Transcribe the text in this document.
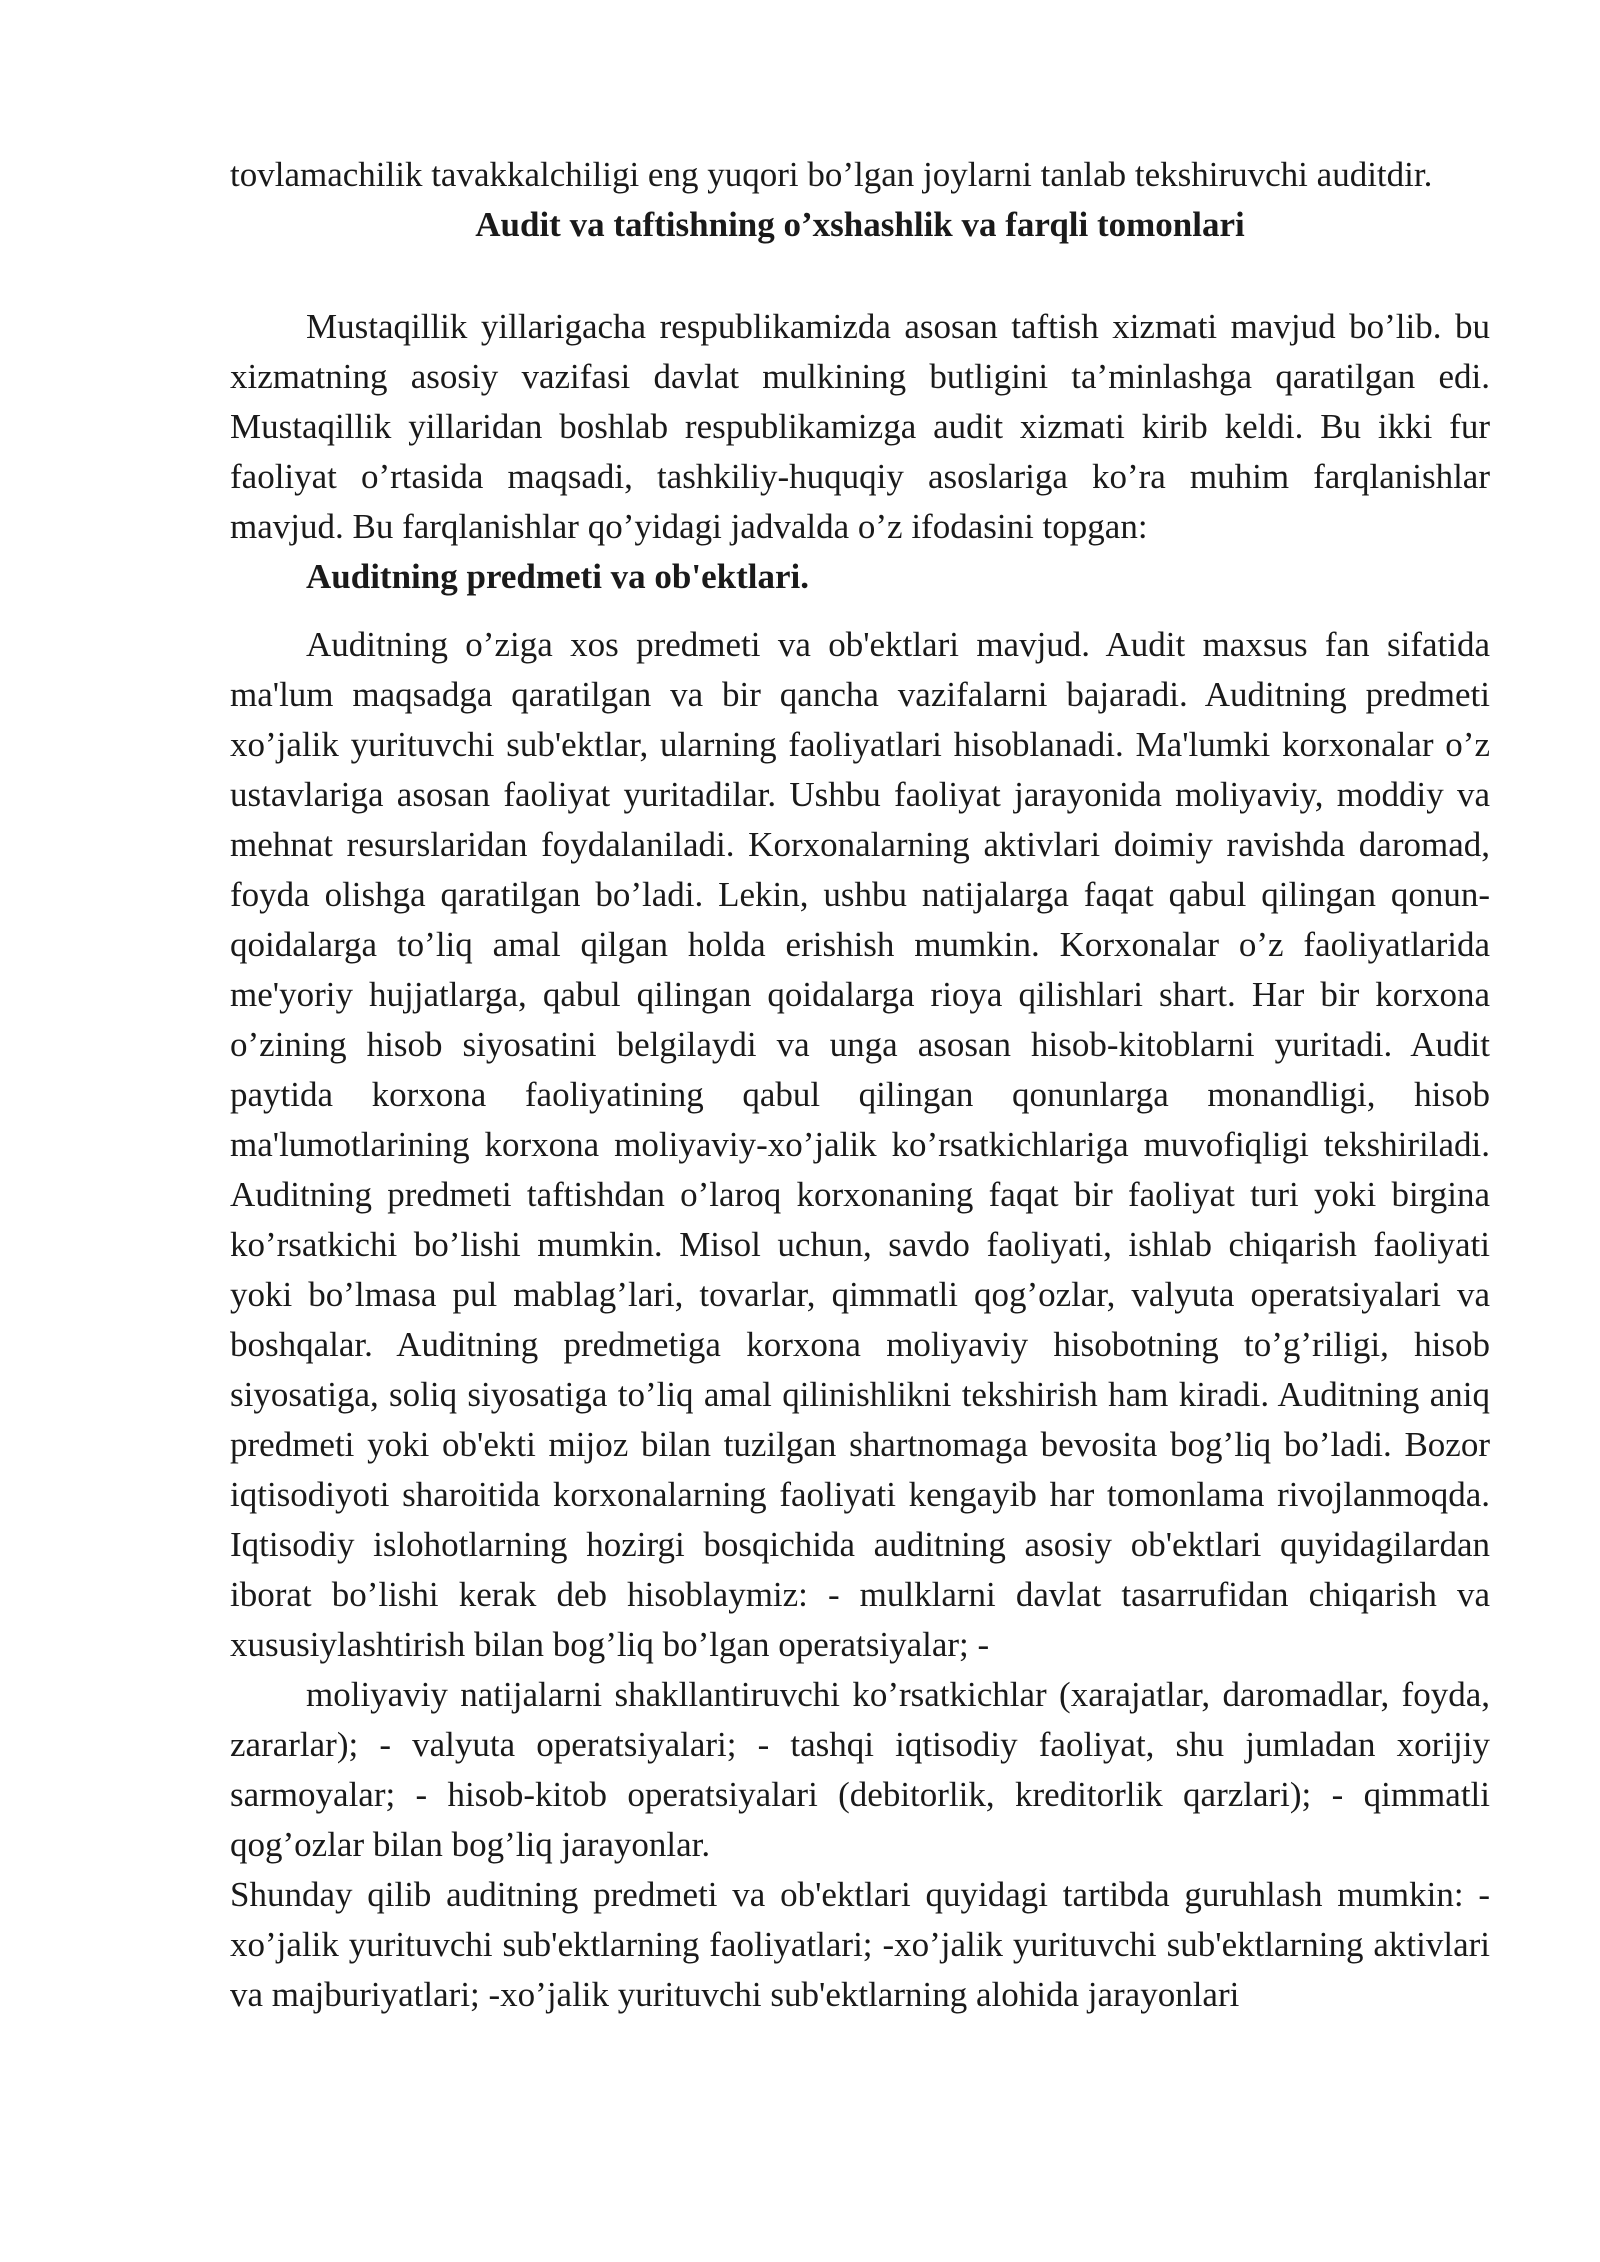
tovlamachilik tavakkalchiligi eng yuqori bo’lgan joylarni tanlab tekshiruvchi auditdir.

Audit va taftishning o’xshashlik va farqli tomonlari

Mustaqillik yillarigacha respublikamizda asosan taftish xizmati mavjud bo’lib. bu xizmatning asosiy vazifasi davlat mulkining butligini ta’minlashga qaratilgan edi. Mustaqillik yillaridan boshlab respublikamizga audit xizmati kirib keldi. Bu ikki fur faoliyat o’rtasida maqsadi, tashkiliy-huquqiy asoslariga ko’ra muhim farqlanishlar mavjud. Bu farqlanishlar qo’yidagi jadvalda o’z ifodasini topgan:

Auditning predmeti va ob'ektlari.

Auditning o’ziga xos predmeti va ob'ektlari mavjud. Audit maxsus fan sifatida ma'lum maqsadga qaratilgan va bir qancha vazifalarni bajaradi. Auditning predmeti xo’jalik yurituvchi sub'ektlar, ularning faoliyatlari hisoblanadi. Ma'lumki korxonalar o’z ustavlariga asosan faoliyat yuritadilar. Ushbu faoliyat jarayonida moliyaviy, moddiy va mehnat resurslaridan foydalaniladi. Korxonalarning aktivlari doimiy ravishda daromad, foyda olishga qaratilgan bo’ladi. Lekin, ushbu natijalarga faqat qabul qilingan qonun-qoidalarga to’liq amal qilgan holda erishish mumkin. Korxonalar o’z faoliyatlarida me'yoriy hujjatlarga, qabul qilingan qoidalarga rioya qilishlari shart. Har bir korxona o’zining hisob siyosatini belgilaydi va unga asosan hisob-kitoblarni yuritadi. Audit paytida korxona faoliyatining qabul qilingan qonunlarga monandligi, hisob ma'lumotlarining korxona moliyaviy-xo’jalik ko’rsatkichlariga muvofiqligi tekshiriladi. Auditning predmeti taftishdan o’laroq korxonaning faqat bir faoliyat turi yoki birgina ko’rsatkichi bo’lishi mumkin. Misol uchun, savdo faoliyati, ishlab chiqarish faoliyati yoki bo’lmasa pul mablag’lari, tovarlar, qimmatli qog’ozlar, valyuta operatsiyalari va boshqalar. Auditning predmetiga korxona moliyaviy hisobotning to’g’riligi, hisob siyosatiga, soliq siyosatiga to’liq amal qilinishlikni tekshirish ham kiradi. Auditning aniq predmeti yoki ob'ekti mijoz bilan tuzilgan shartnomaga bevosita bog’liq bo’ladi. Bozor iqtisodiyoti sharoitida korxonalarning faoliyati kengayib har tomonlama rivojlanmoqda. Iqtisodiy islohotlarning hozirgi bosqichida auditning asosiy ob'ektlari quyidagilardan iborat bo’lishi kerak deb hisoblaymiz: - mulklarni davlat tasarrufidan chiqarish va xususiylashtirish bilan bog’liq bo’lgan operatsiyalar; -

moliyaviy natijalarni shakllantiruvchi ko’rsatkichlar (xarajatlar, daromadlar, foyda, zararlar); - valyuta operatsiyalari; - tashqi iqtisodiy faoliyat, shu jumladan xorijiy sarmoyalar; - hisob-kitob operatsiyalari (debitorlik, kreditorlik qarzlari); - qimmatli qog’ozlar bilan bog’liq jarayonlar.

Shunday qilib auditning predmeti va ob'ektlari quyidagi tartibda guruhlash mumkin: -xo’jalik yurituvchi sub'ektlarning faoliyatlari; -xo’jalik yurituvchi sub'ektlarning aktivlari va majburiyatlari; -xo’jalik yurituvchi sub'ektlarning alohida jarayonlari
